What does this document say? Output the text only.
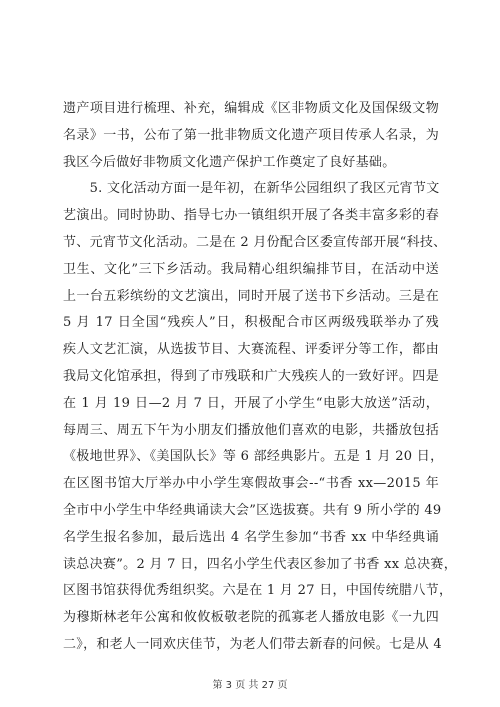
遗产项目进行梳理、补充，编辑成《区非物质文化及国保级文物
名录》一书，公布了第一批非物质文化遗产项目传承人名录，为
我区今后做好非物质文化遗产保护工作奠定了良好基础。
　　5. 文化活动方面一是年初，在新华公园组织了我区元宵节文
艺演出。同时协助、指导七办一镇组织开展了各类丰富多彩的春
节、元宵节文化活动。二是在 2 月份配合区委宣传部开展“科技、
卫生、文化”三下乡活动。我局精心组织编排节目，在活动中送
上一台五彩缤纷的文艺演出，同时开展了送书下乡活动。三是在
5 月 17 日全国“残疾人”日，积极配合市区两级残联举办了残
疾人文艺汇演，从选拔节目、大赛流程、评委评分等工作，都由
我局文化馆承担，得到了市残联和广大残疾人的一致好评。四是
在 1 月 19 日—2 月 7 日，开展了小学生“电影大放送”活动，
每周三、周五下午为小朋友们播放他们喜欢的电影，共播放包括
《极地世界》、《美国队长》等 6 部经典影片。五是 1 月 20 日，
在区图书馆大厅举办中小学生寒假故事会--“书香 xx—2015 年
全市中小学生中华经典诵读大会”区选拔赛。共有 9 所小学的 49
名学生报名参加，最后选出 4 名学生参加“书香 xx 中华经典诵
读总决赛”。2 月 7 日，四名小学生代表区参加了书香 xx 总决赛，
区图书馆获得优秀组织奖。六是在 1 月 27 日，中国传统腊八节，
为穆斯林老年公寓和攸攸板敬老院的孤寡老人播放电影《一九四
二》，和老人一同欢庆佳节，为老人们带去新春的问候。七是从 4
第 3 页 共 27 页
